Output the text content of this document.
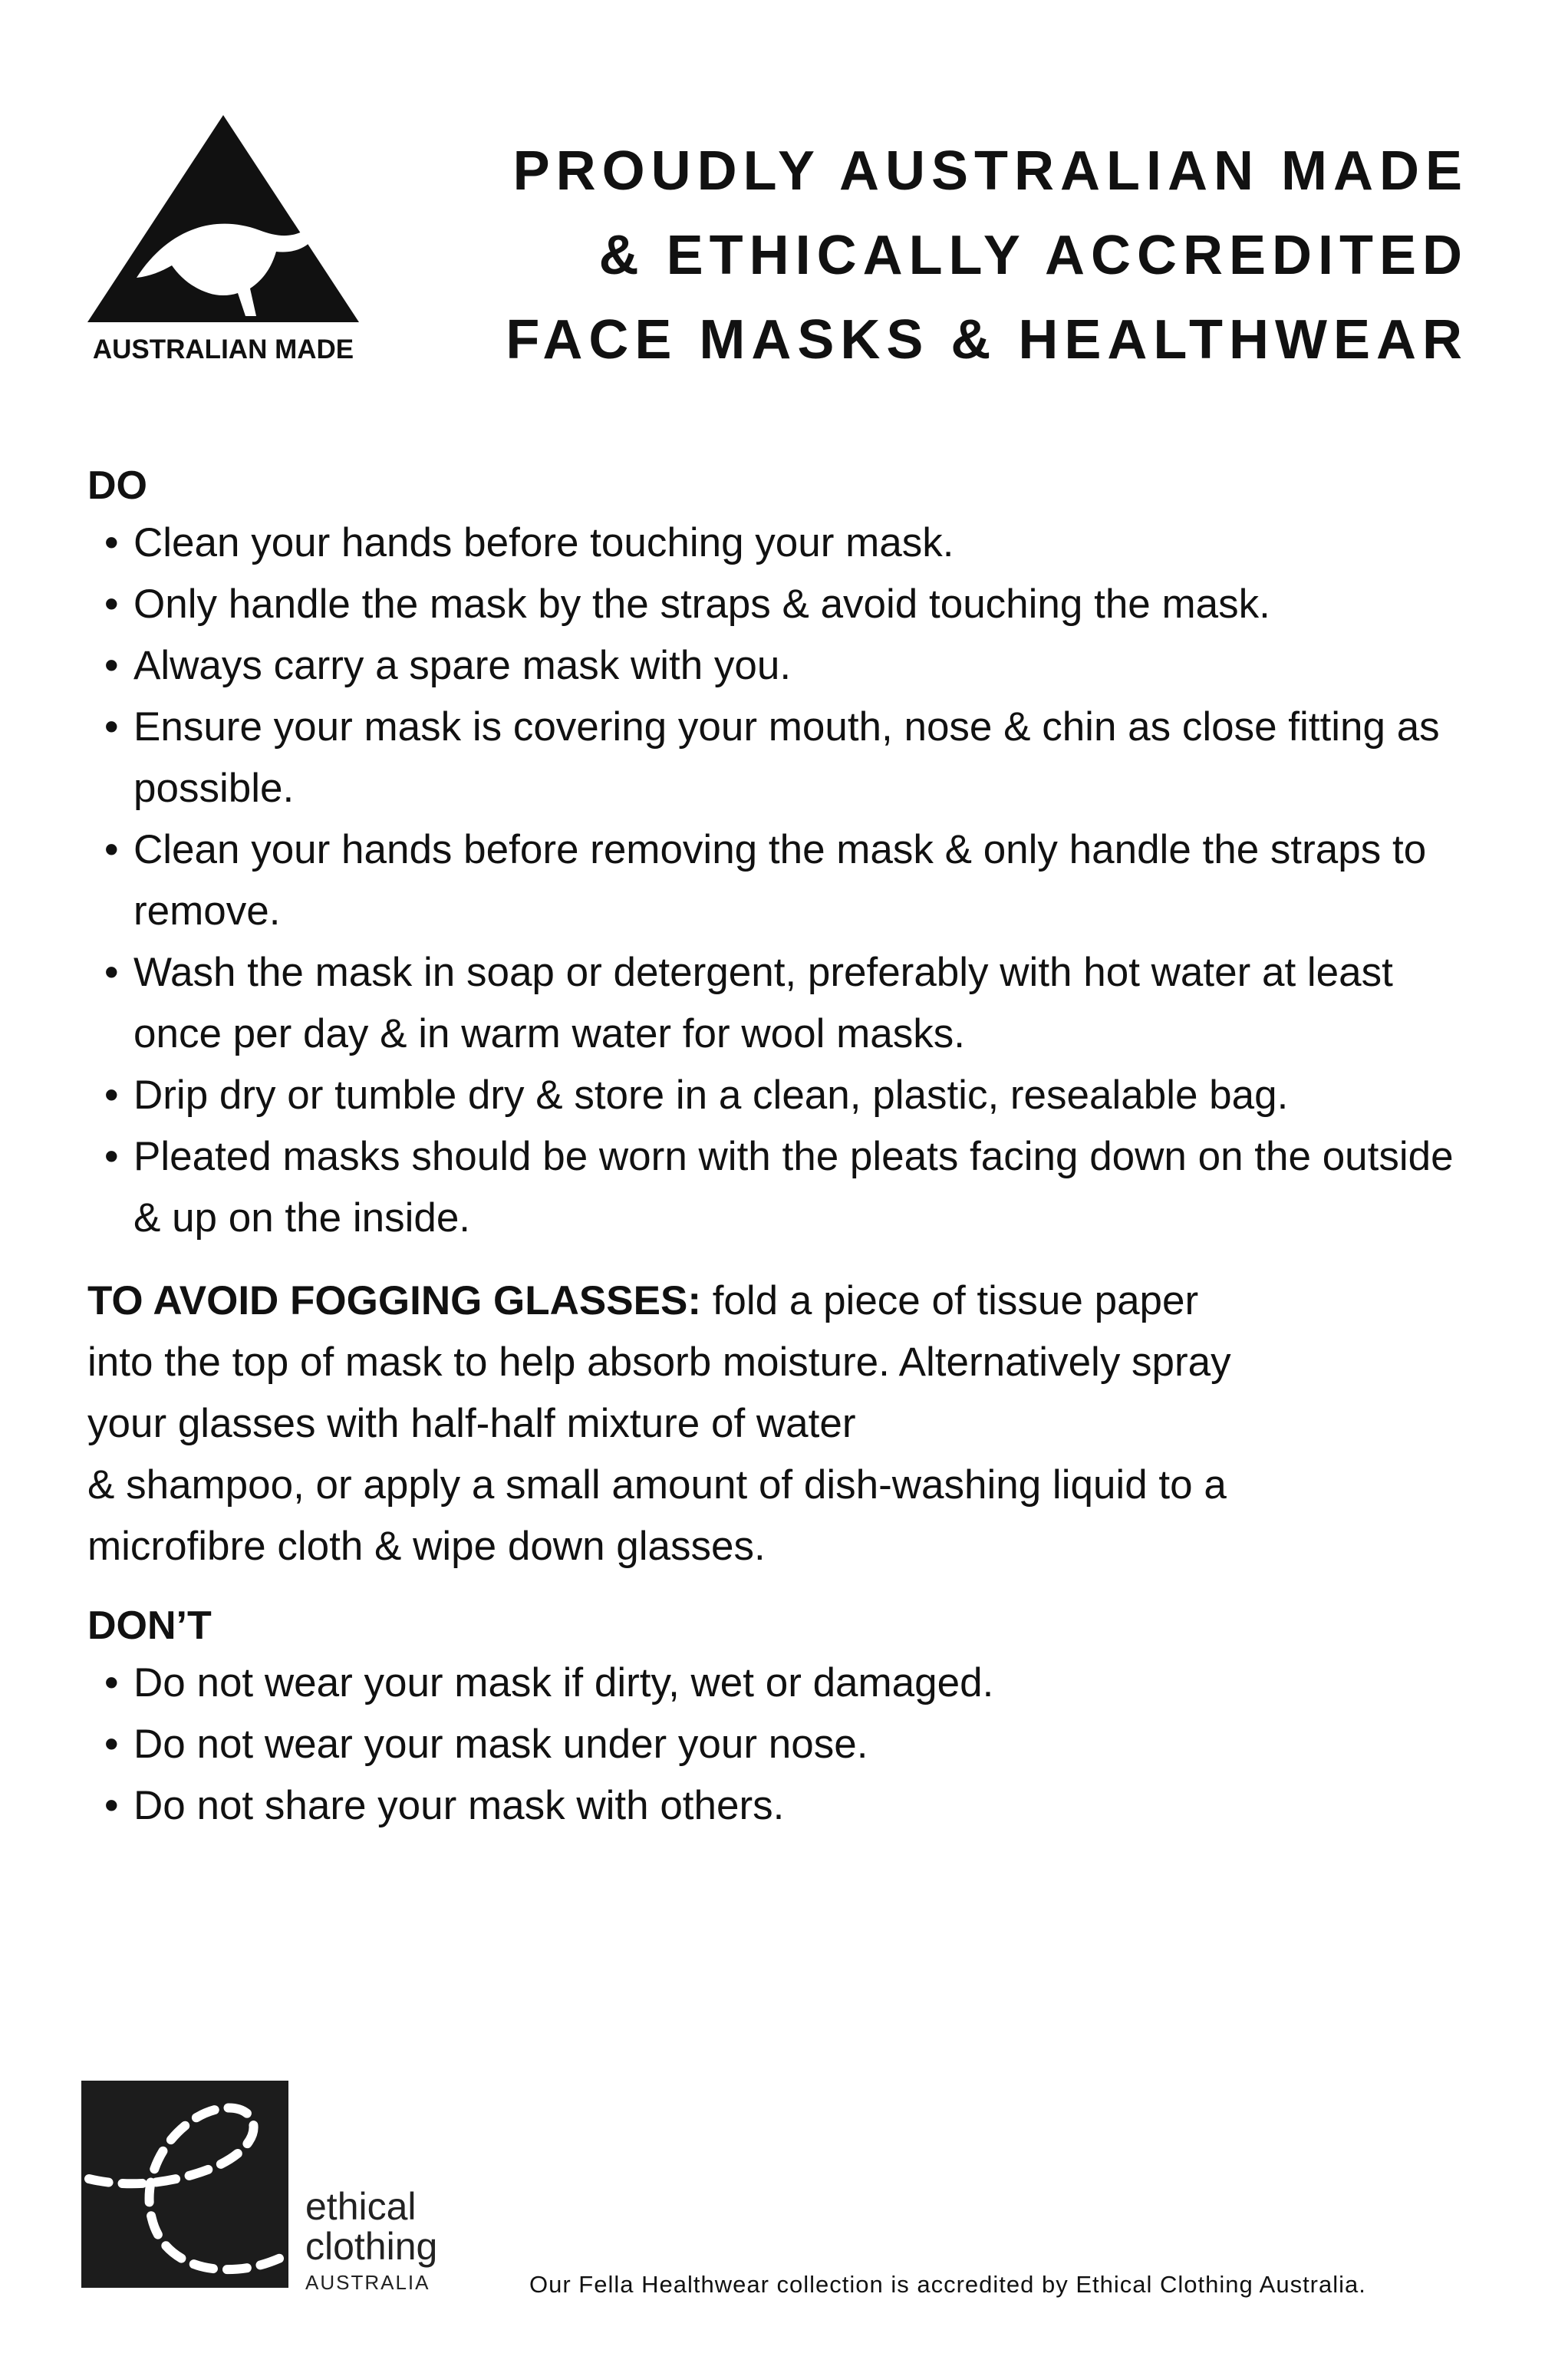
AUSTRALIAN MADE
PROUDLY AUSTRALIAN MADE
& ETHICALLY ACCREDITED
FACE MASKS & HEALTHWEAR
DO
• Clean your hands before touching your mask.
• Only handle the mask by the straps & avoid touching the mask.
• Always carry a spare mask with you.
• Ensure your mask is covering your mouth, nose & chin as close fitting as possible.
• Clean your hands before removing the mask & only handle the straps to remove.
• Wash the mask in soap or detergent, preferably with hot water at least once per day & in warm water for wool masks.
• Drip dry or tumble dry & store in a clean, plastic, resealable bag.
• Pleated masks should be worn with the pleats facing down on the outside & up on the inside.

TO AVOID FOGGING GLASSES: fold a piece of tissue paper
into the top of mask to help absorb moisture. Alternatively spray
your glasses with half-half mixture of water
& shampoo, or apply a small amount of dish-washing liquid to a
microfibre cloth & wipe down glasses.

DON’T
• Do not wear your mask if dirty, wet or damaged.
• Do not wear your mask under your nose.
• Do not share your mask with others.
ethical
clothing
AUSTRALIA	Our Fella Healthwear collection is accredited by Ethical Clothing Australia.
